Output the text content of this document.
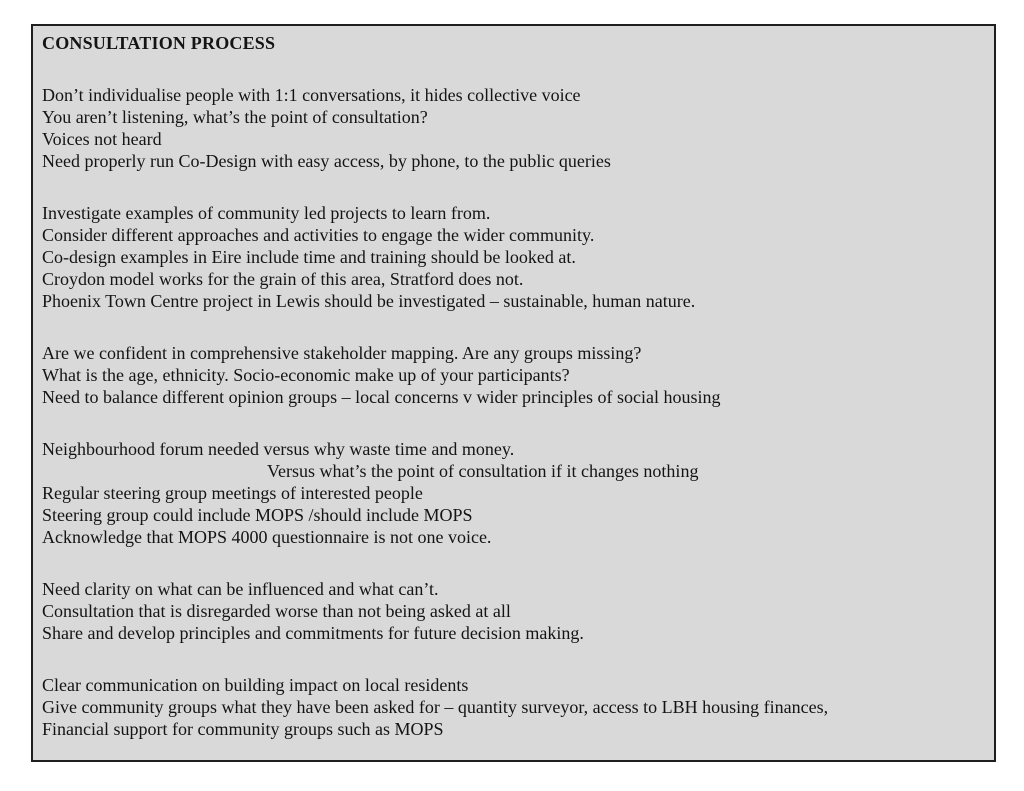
CONSULTATION PROCESS
Don’t individualise people with 1:1 conversations, it hides collective voice
You aren’t listening, what’s the point of consultation?
Voices not heard
Need properly run Co-Design with easy access, by phone, to the public queries
Investigate examples of community led projects to learn from.
Consider different approaches and activities to engage the wider community.
Co-design examples in Eire include time and training should be looked at.
Croydon model works for the grain of this area, Stratford does not.
Phoenix Town Centre project in Lewis should be investigated – sustainable, human nature.
Are we confident in comprehensive stakeholder mapping. Are any groups missing?
What is the age, ethnicity. Socio-economic make up of your participants?
Need to balance different opinion groups – local concerns v wider principles of social housing
Neighbourhood forum needed versus why waste time and money.
Versus what’s the point of consultation if it changes nothing
Regular steering group meetings of interested people
Steering group could include MOPS /should include MOPS
Acknowledge that MOPS 4000 questionnaire is not one voice.
Need clarity on what can be influenced and what can’t.
Consultation that is disregarded worse than not being asked at all
Share and develop principles and commitments for future decision making.
Clear communication on building impact on local residents
Give community groups what they have been asked for – quantity surveyor, access to LBH housing finances,
Financial support for community groups such as MOPS
